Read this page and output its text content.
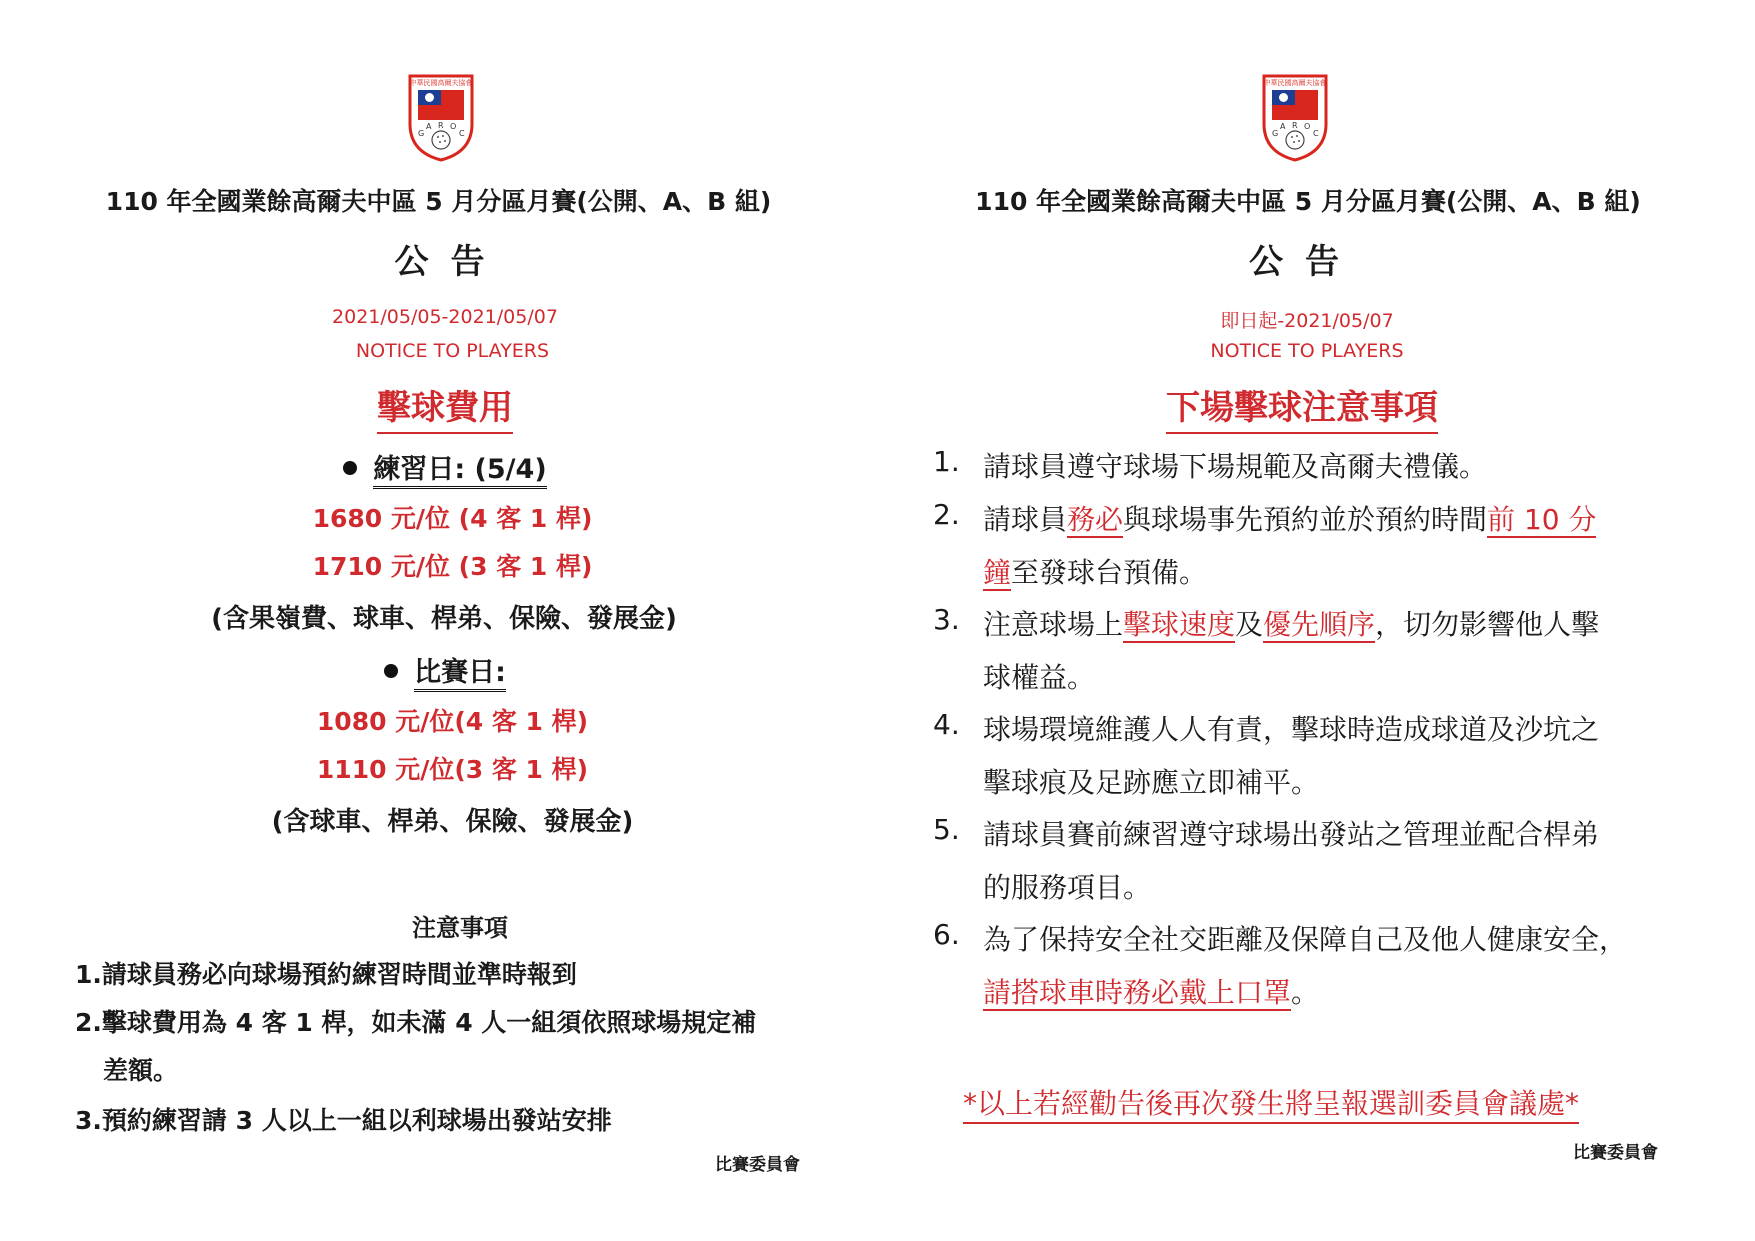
中華民國高爾夫協會
G
A R O
C
110 年全國業餘高爾夫中區 5 月分區月賽(公開、A、B 組)
公告
2021/05/05-2021/05/07
NOTICE TO PLAYERS
擊球費用
練習日: (5/4)
1680 元/位 (4 客 1 桿)
1710 元/位 (3 客 1 桿)
(含果嶺費、球車、桿弟、保險、發展金)
比賽日:
1080 元/位(4 客 1 桿)
1110 元/位(3 客 1 桿)
(含球車、桿弟、保險、發展金)
注意事項
1.請球員務必向球場預約練習時間並準時報到
2.擊球費用為 4 客 1 桿，如未滿 4 人一組須依照球場規定補
差額。
3.預約練習請 3 人以上一組以利球場出發站安排
比賽委員會
中華民國高爾夫協會
G
A R O
C
110 年全國業餘高爾夫中區 5 月分區月賽(公開、A、B 組)
公告
即日起-2021/05/07
NOTICE TO PLAYERS
下場擊球注意事項
1. 請球員遵守球場下場規範及高爾夫禮儀。
2. 請球員務必與球場事先預約並於預約時間前 10 分
鐘至發球台預備。
3. 注意球場上擊球速度及優先順序，切勿影響他人擊
球權益。
4. 球場環境維護人人有責，擊球時造成球道及沙坑之
擊球痕及足跡應立即補平。
5. 請球員賽前練習遵守球場出發站之管理並配合桿弟
的服務項目。
6. 為了保持安全社交距離及保障自己及他人健康安全，
請搭球車時務必戴上口罩。
*以上若經勸告後再次發生將呈報選訓委員會議處*
比賽委員會
